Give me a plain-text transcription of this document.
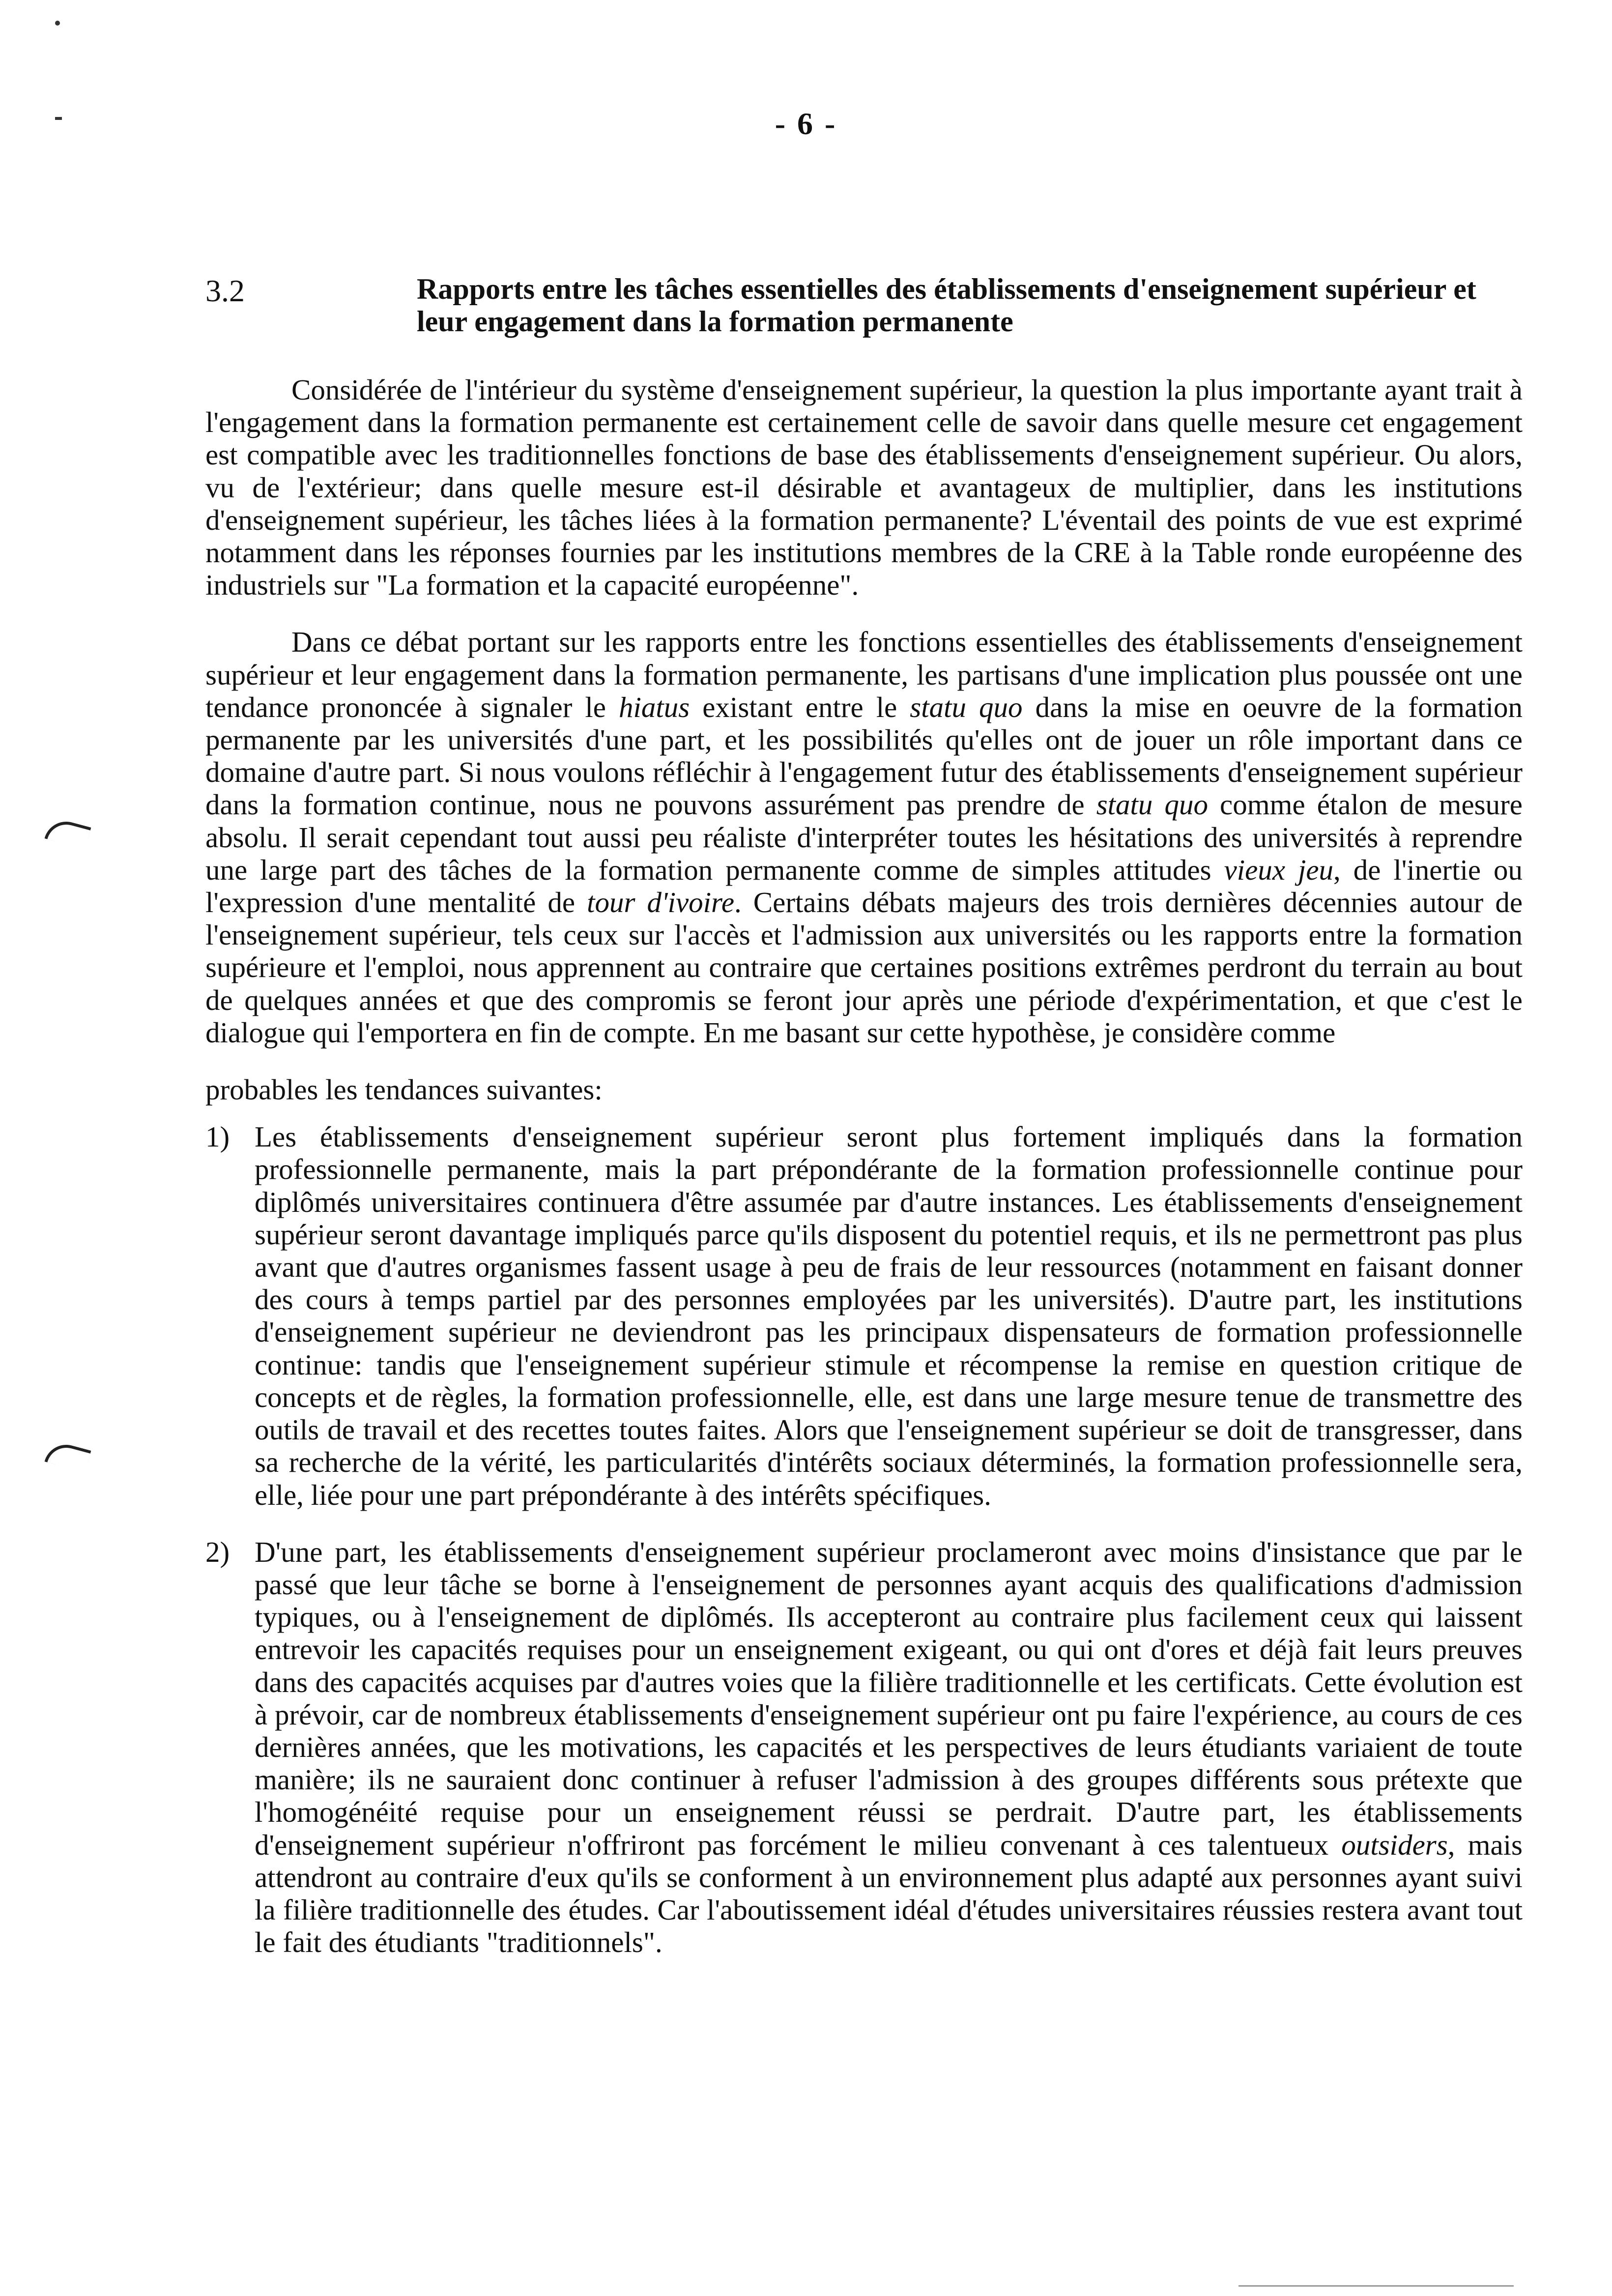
- 6 -
3.2	Rapports entre les tâches essentielles des établissements d'enseignement supérieur et leur engagement dans la formation permanente

Considérée de l'intérieur du système d'enseignement supérieur, la question la plus importante ayant trait à l'engagement dans la formation permanente est certainement celle de savoir dans quelle mesure cet engagement est compatible avec les traditionnelles fonctions de base des établissements d'enseignement supérieur. Ou alors, vu de l'extérieur; dans quelle mesure est-il désirable et avantageux de multiplier, dans les institutions d'enseignement supérieur, les tâches liées à la formation permanente? L'éventail des points de vue est exprimé notamment dans les réponses fournies par les institutions membres de la CRE à la Table ronde européenne des industriels sur "La formation et la capacité européenne".

Dans ce débat portant sur les rapports entre les fonctions essentielles des établissements d'enseignement supérieur et leur engagement dans la formation permanente, les partisans d'une implication plus poussée ont une tendance prononcée à signaler le hiatus existant entre le statu quo dans la mise en oeuvre de la formation permanente par les universités d'une part, et les possibilités qu'elles ont de jouer un rôle important dans ce domaine d'autre part. Si nous voulons réfléchir à l'engagement futur des établissements d'enseignement supérieur dans la formation continue, nous ne pouvons assurément pas prendre de statu quo comme étalon de mesure absolu. Il serait cependant tout aussi peu réaliste d'interpréter toutes les hésitations des universités à reprendre une large part des tâches de la formation permanente comme de simples attitudes vieux jeu, de l'inertie ou l'expression d'une mentalité de tour d'ivoire. Certains débats majeurs des trois dernières décennies autour de l'enseignement supérieur, tels ceux sur l'accès et l'admission aux universités ou les rapports entre la formation supérieure et l'emploi, nous apprennent au contraire que certaines positions extrêmes perdront du terrain au bout de quelques années et que des compromis se feront jour après une période d'expérimentation, et que c'est le dialogue qui l'emportera en fin de compte. En me basant sur cette hypothèse, je considère comme

probables les tendances suivantes:

1) Les établissements d'enseignement supérieur seront plus fortement impliqués dans la formation professionnelle permanente, mais la part prépondérante de la formation professionnelle continue pour diplômés universitaires continuera d'être assumée par d'autre instances. Les établissements d'enseignement supérieur seront davantage impliqués parce qu'ils disposent du potentiel requis, et ils ne permettront pas plus avant que d'autres organismes fassent usage à peu de frais de leur ressources (notamment en faisant donner des cours à temps partiel par des personnes employées par les universités). D'autre part, les institutions d'enseignement supérieur ne deviendront pas les principaux dispensateurs de formation professionnelle continue: tandis que l'enseignement supérieur stimule et récompense la remise en question critique de concepts et de règles, la formation professionnelle, elle, est dans une large mesure tenue de transmettre des outils de travail et des recettes toutes faites. Alors que l'enseignement supérieur se doit de transgresser, dans sa recherche de la vérité, les particularités d'intérêts sociaux déterminés, la formation professionnelle sera, elle, liée pour une part prépondérante à des intérêts spécifiques.
2) D'une part, les établissements d'enseignement supérieur proclameront avec moins d'insistance que par le passé que leur tâche se borne à l'enseignement de personnes ayant acquis des qualifications d'admission typiques, ou à l'enseignement de diplômés. Ils accepteront au contraire plus facilement ceux qui laissent entrevoir les capacités requises pour un enseignement exigeant, ou qui ont d'ores et déjà fait leurs preuves dans des capacités acquises par d'autres voies que la filière traditionnelle et les certificats. Cette évolution est à prévoir, car de nombreux établissements d'enseignement supérieur ont pu faire l'expérience, au cours de ces dernières années, que les motivations, les capacités et les perspectives de leurs étudiants variaient de toute manière; ils ne sauraient donc continuer à refuser l'admission à des groupes différents sous prétexte que l'homogénéité requise pour un enseignement réussi se perdrait. D'autre part, les établissements d'enseignement supérieur n'offriront pas forcément le milieu convenant à ces talentueux outsiders, mais attendront au contraire d'eux qu'ils se conforment à un environnement plus adapté aux personnes ayant suivi la filière traditionnelle des études. Car l'aboutissement idéal d'études universitaires réussies restera avant tout le fait des étudiants "traditionnels".
